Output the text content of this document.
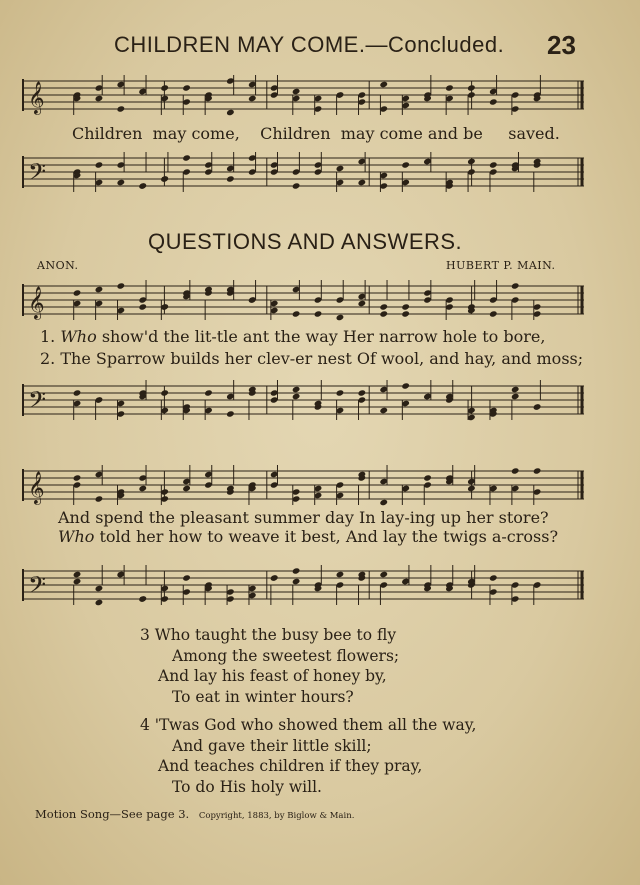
CHILDREN MAY COME.—Concluded. 23
𝄞
Children may come, Children may come and be saved.
𝄢
QUESTIONS AND ANSWERS.
ANON.	HUBERT P. MAIN.
𝄞
1. Who show'd the lit-tle ant the way Her narrow hole to bore,
2. The Sparrow builds her clev-er nest Of wool, and hay, and moss;
𝄢
𝄞
And spend the pleasant summer day In lay-ing up her store?
Who told her how to weave it best, And lay the twigs a-cross?
𝄢
3 Who taught the busy bee to fly
Among the sweetest flowers;
And lay his feast of honey by,
To eat in winter hours?
4 'Twas God who showed them all the way,
And gave their little skill;
And teaches children if they pray,
To do His holy will.
Motion Song—See page 3. Copyright, 1883, by Biglow & Main.
